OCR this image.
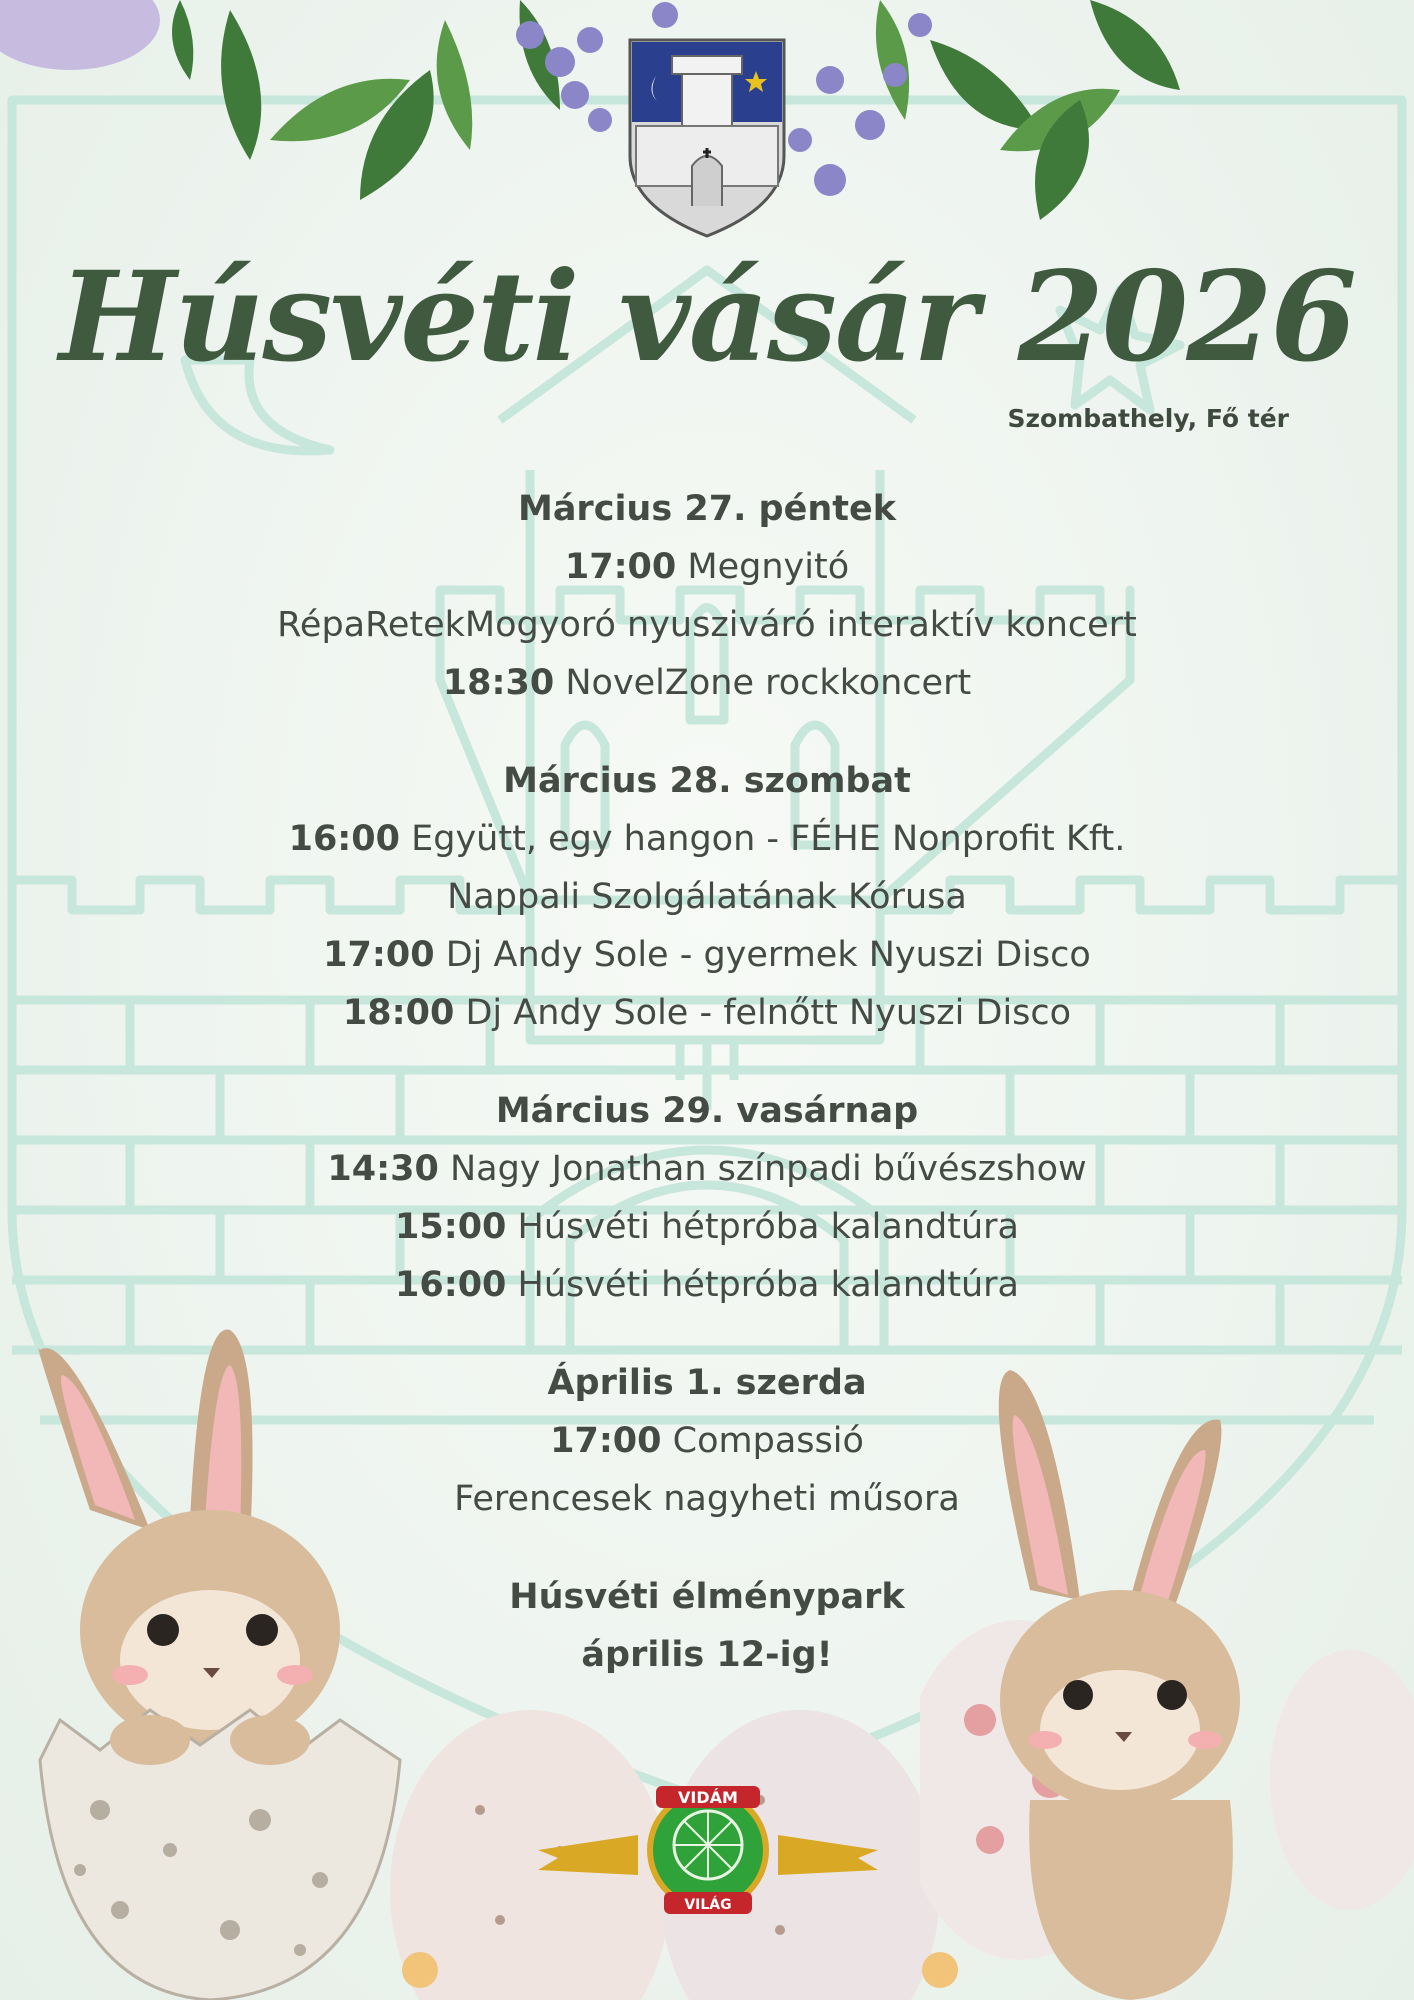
Húsvéti vásár 2026
Szombathely, Fő tér
Március 27. péntek
17:00 Megnyitó
RépaRetekMogyoró nyusziváró interaktív koncert
18:30 NovelZone rockkoncert
Március 28. szombat
16:00 Együtt, egy hangon - FÉHE Nonprofit Kft.
Nappali Szolgálatának Kórusa
17:00 Dj Andy Sole - gyermek Nyuszi Disco
18:00 Dj Andy Sole - felnőtt Nyuszi Disco
Március 29. vasárnap
14:30 Nagy Jonathan színpadi bűvészshow
15:00 Húsvéti hétpróba kalandtúra
16:00 Húsvéti hétpróba kalandtúra
Április 1. szerda
17:00 Compassió
Ferencesek nagyheti műsora
Húsvéti élménypark
április 12-ig!
VIDÁM
VILÁG
